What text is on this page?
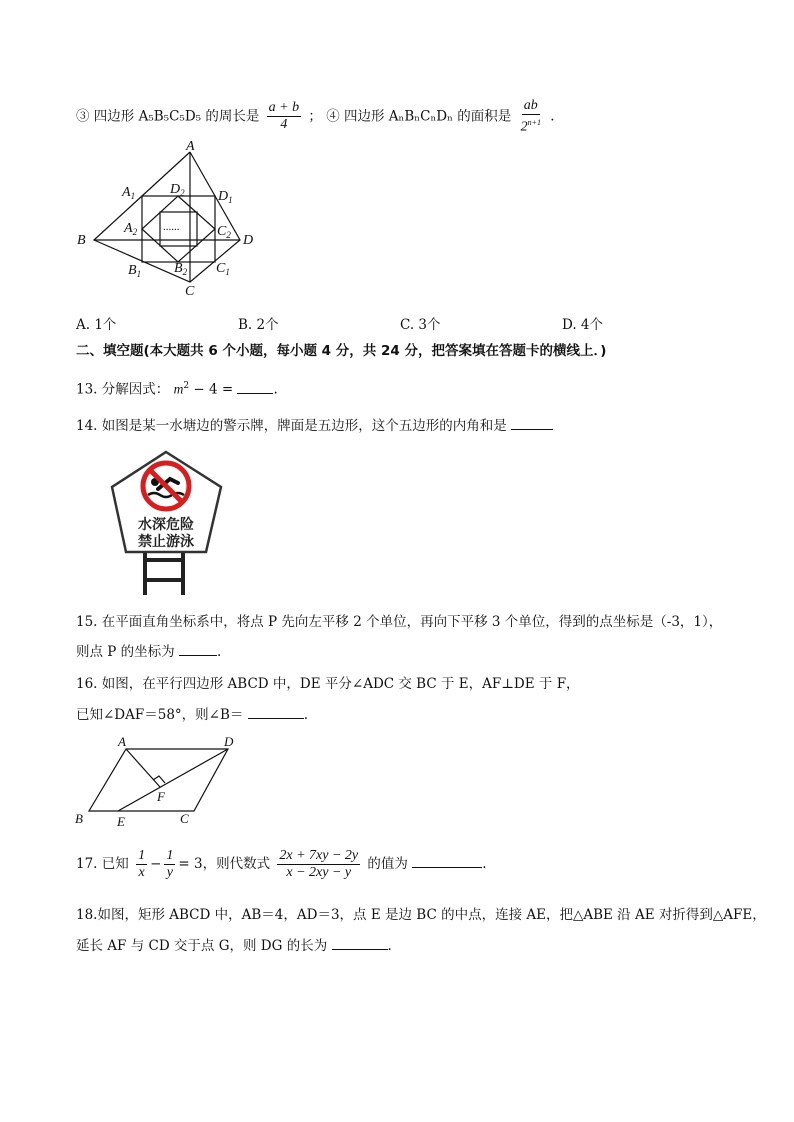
③ 四边形 A₅B₅C₅D₅ 的周长是 $\frac{a + b}{4}$ ； ④ 四边形 AₙBₙCₙDₙ 的面积是 $\frac{ab}{2^{n+1}}$ .
A
$A_1$ $D_2$ $D_1$
$A_2$	$C_2$
B	D
$B_1$ $B_2$ $C_1$
C
......
A. 1个	B. 2个	C. 3个	D. 4个
二、填空题(本大题共 6 个小题，每小题 4 分，共 24 分，把答案填在答题卡的横线上．)
13. 分解因式： $m^2 - 4$ =	.
14. 如图是某一水塘边的警示牌，牌面是五边形，这个五边形的内角和是
水深危险
禁止游泳
15. 在平面直角坐标系中，将点 P 先向左平移 2 个单位，再向下平移 3 个单位，得到的点坐标是（-3，1），
则点 P 的坐标为	.
16. 如图，在平行四边形 ABCD 中，DE 平分∠ADC 交 BC 于 E，AF⊥DE 于 F，
已知∠DAF＝58°，则∠B＝	.
A	D
F
B	E	C
17. 已知 $\frac{1}{x} - \frac{1}{y} = 3$，则代数式 $\frac{2x + 7xy - 2y}{x - 2xy - y}$ 的值为	.
18.如图，矩形 ABCD 中，AB＝4，AD＝3，点 E 是边 BC 的中点，连接 AE，把△ABE 沿 AE 对折得到△AFE，
延长 AF 与 CD 交于点 G，则 DG 的长为	.
